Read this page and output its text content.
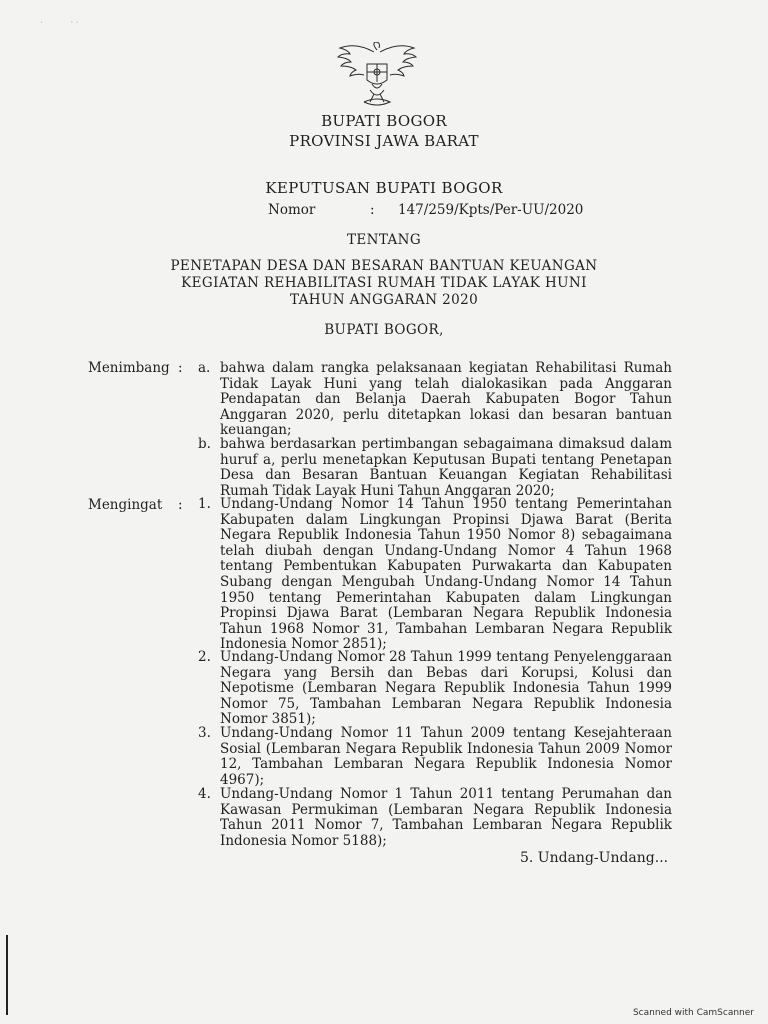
⋅           ⋅ ⋅
BUPATI BOGOR
PROVINSI JAWA BARAT
KEPUTUSAN BUPATI BOGOR
Nomor	: 147/259/Kpts/Per-UU/2020
TENTANG
PENETAPAN DESA DAN BESARAN BANTUAN KEUANGAN
KEGIATAN REHABILITASI RUMAH TIDAK LAYAK HUNI
TAHUN ANGGARAN 2020
BUPATI BOGOR,
Menimbang : a. bahwa dalam rangka pelaksanaan kegiatan Rehabilitasi Rumah Tidak Layak Huni yang telah dialokasikan pada Anggaran Pendapatan dan Belanja Daerah Kabupaten Bogor Tahun Anggaran 2020, perlu ditetapkan lokasi dan besaran bantuan keuangan;
b. bahwa berdasarkan pertimbangan sebagaimana dimaksud dalam huruf a, perlu menetapkan Keputusan Bupati tentang Penetapan Desa dan Besaran Bantuan Keuangan Kegiatan Rehabilitasi Rumah Tidak Layak Huni Tahun Anggaran 2020;
Mengingat : 1. Undang-Undang Nomor 14 Tahun 1950 tentang Pemerintahan Kabupaten dalam Lingkungan Propinsi Djawa Barat (Berita Negara Republik Indonesia Tahun 1950 Nomor 8) sebagaimana telah diubah dengan Undang-Undang Nomor 4 Tahun 1968 tentang Pembentukan Kabupaten Purwakarta dan Kabupaten Subang dengan Mengubah Undang-Undang Nomor 14 Tahun 1950 tentang Pemerintahan Kabupaten dalam Lingkungan Propinsi Djawa Barat (Lembaran Negara Republik Indonesia Tahun 1968 Nomor 31, Tambahan Lembaran Negara Republik Indonesia Nomor 2851);
2. Undang-Undang Nomor 28 Tahun 1999 tentang Penyelenggaraan Negara yang Bersih dan Bebas dari Korupsi, Kolusi dan Nepotisme (Lembaran Negara Republik Indonesia Tahun 1999 Nomor 75, Tambahan Lembaran Negara Republik Indonesia Nomor 3851);
3. Undang-Undang Nomor 11 Tahun 2009 tentang Kesejahteraan Sosial (Lembaran Negara Republik Indonesia Tahun 2009 Nomor 12, Tambahan Lembaran Negara Republik Indonesia Nomor 4967);
4. Undang-Undang Nomor 1 Tahun 2011 tentang Perumahan dan Kawasan Permukiman (Lembaran Negara Republik Indonesia Tahun 2011 Nomor 7, Tambahan Lembaran Negara Republik Indonesia Nomor 5188);
5. Undang-Undang...
Scanned with CamScanner
